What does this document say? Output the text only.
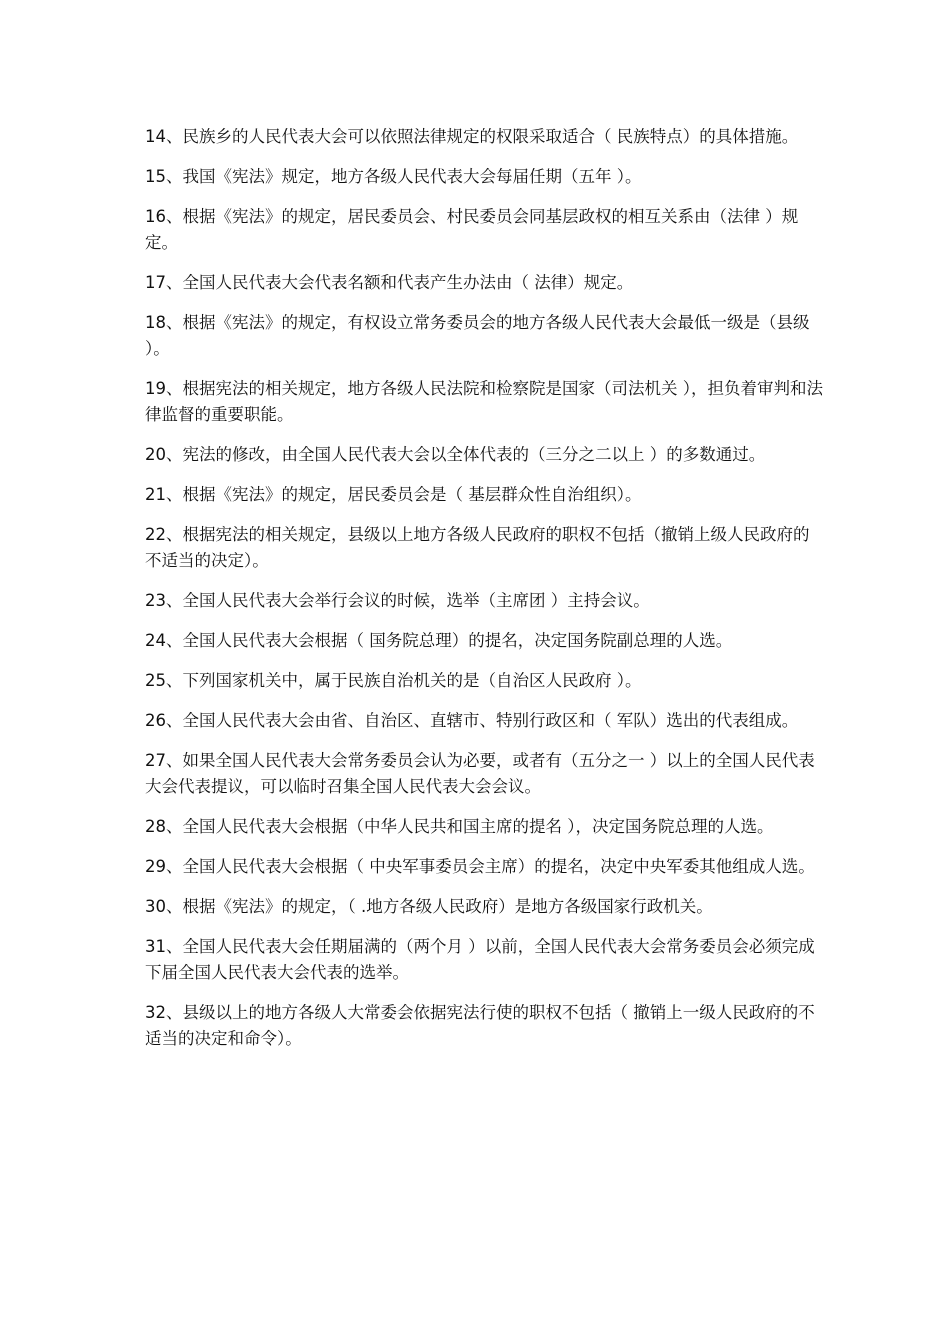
14、民族乡的人民代表大会可以依照法律规定的权限采取适合（ 民族特点）的具体措施。

15、我国《宪法》规定，地方各级人民代表大会每届任期（五年 ）。

16、根据《宪法》的规定，居民委员会、村民委员会同基层政权的相互关系由（法律 ）规定。

17、全国人民代表大会代表名额和代表产生办法由（ 法律）规定。

18、根据《宪法》的规定，有权设立常务委员会的地方各级人民代表大会最低一级是（县级 ）。

19、根据宪法的相关规定，地方各级人民法院和检察院是国家（司法机关 ），担负着审判和法律监督的重要职能。

20、宪法的修改，由全国人民代表大会以全体代表的（三分之二以上 ）的多数通过。

21、根据《宪法》的规定，居民委员会是（ 基层群众性自治组织）。

22、根据宪法的相关规定，县级以上地方各级人民政府的职权不包括（撤销上级人民政府的不适当的决定）。

23、全国人民代表大会举行会议的时候，选举（主席团 ）主持会议。

24、全国人民代表大会根据（ 国务院总理）的提名，决定国务院副总理的人选。

25、下列国家机关中，属于民族自治机关的是（自治区人民政府 ）。

26、全国人民代表大会由省、自治区、直辖市、特别行政区和（ 军队）选出的代表组成。

27、如果全国人民代表大会常务委员会认为必要，或者有（五分之一 ）以上的全国人民代表大会代表提议，可以临时召集全国人民代表大会会议。

28、全国人民代表大会根据（中华人民共和国主席的提名 ），决定国务院总理的人选。

29、全国人民代表大会根据（ 中央军事委员会主席）的提名，决定中央军委其他组成人选。

30、根据《宪法》的规定，（ .地方各级人民政府）是地方各级国家行政机关。

31、全国人民代表大会任期届满的（两个月 ）以前，全国人民代表大会常务委员会必须完成下届全国人民代表大会代表的选举。

32、县级以上的地方各级人大常委会依据宪法行使的职权不包括（ 撤销上一级人民政府的不适当的决定和命令）。
